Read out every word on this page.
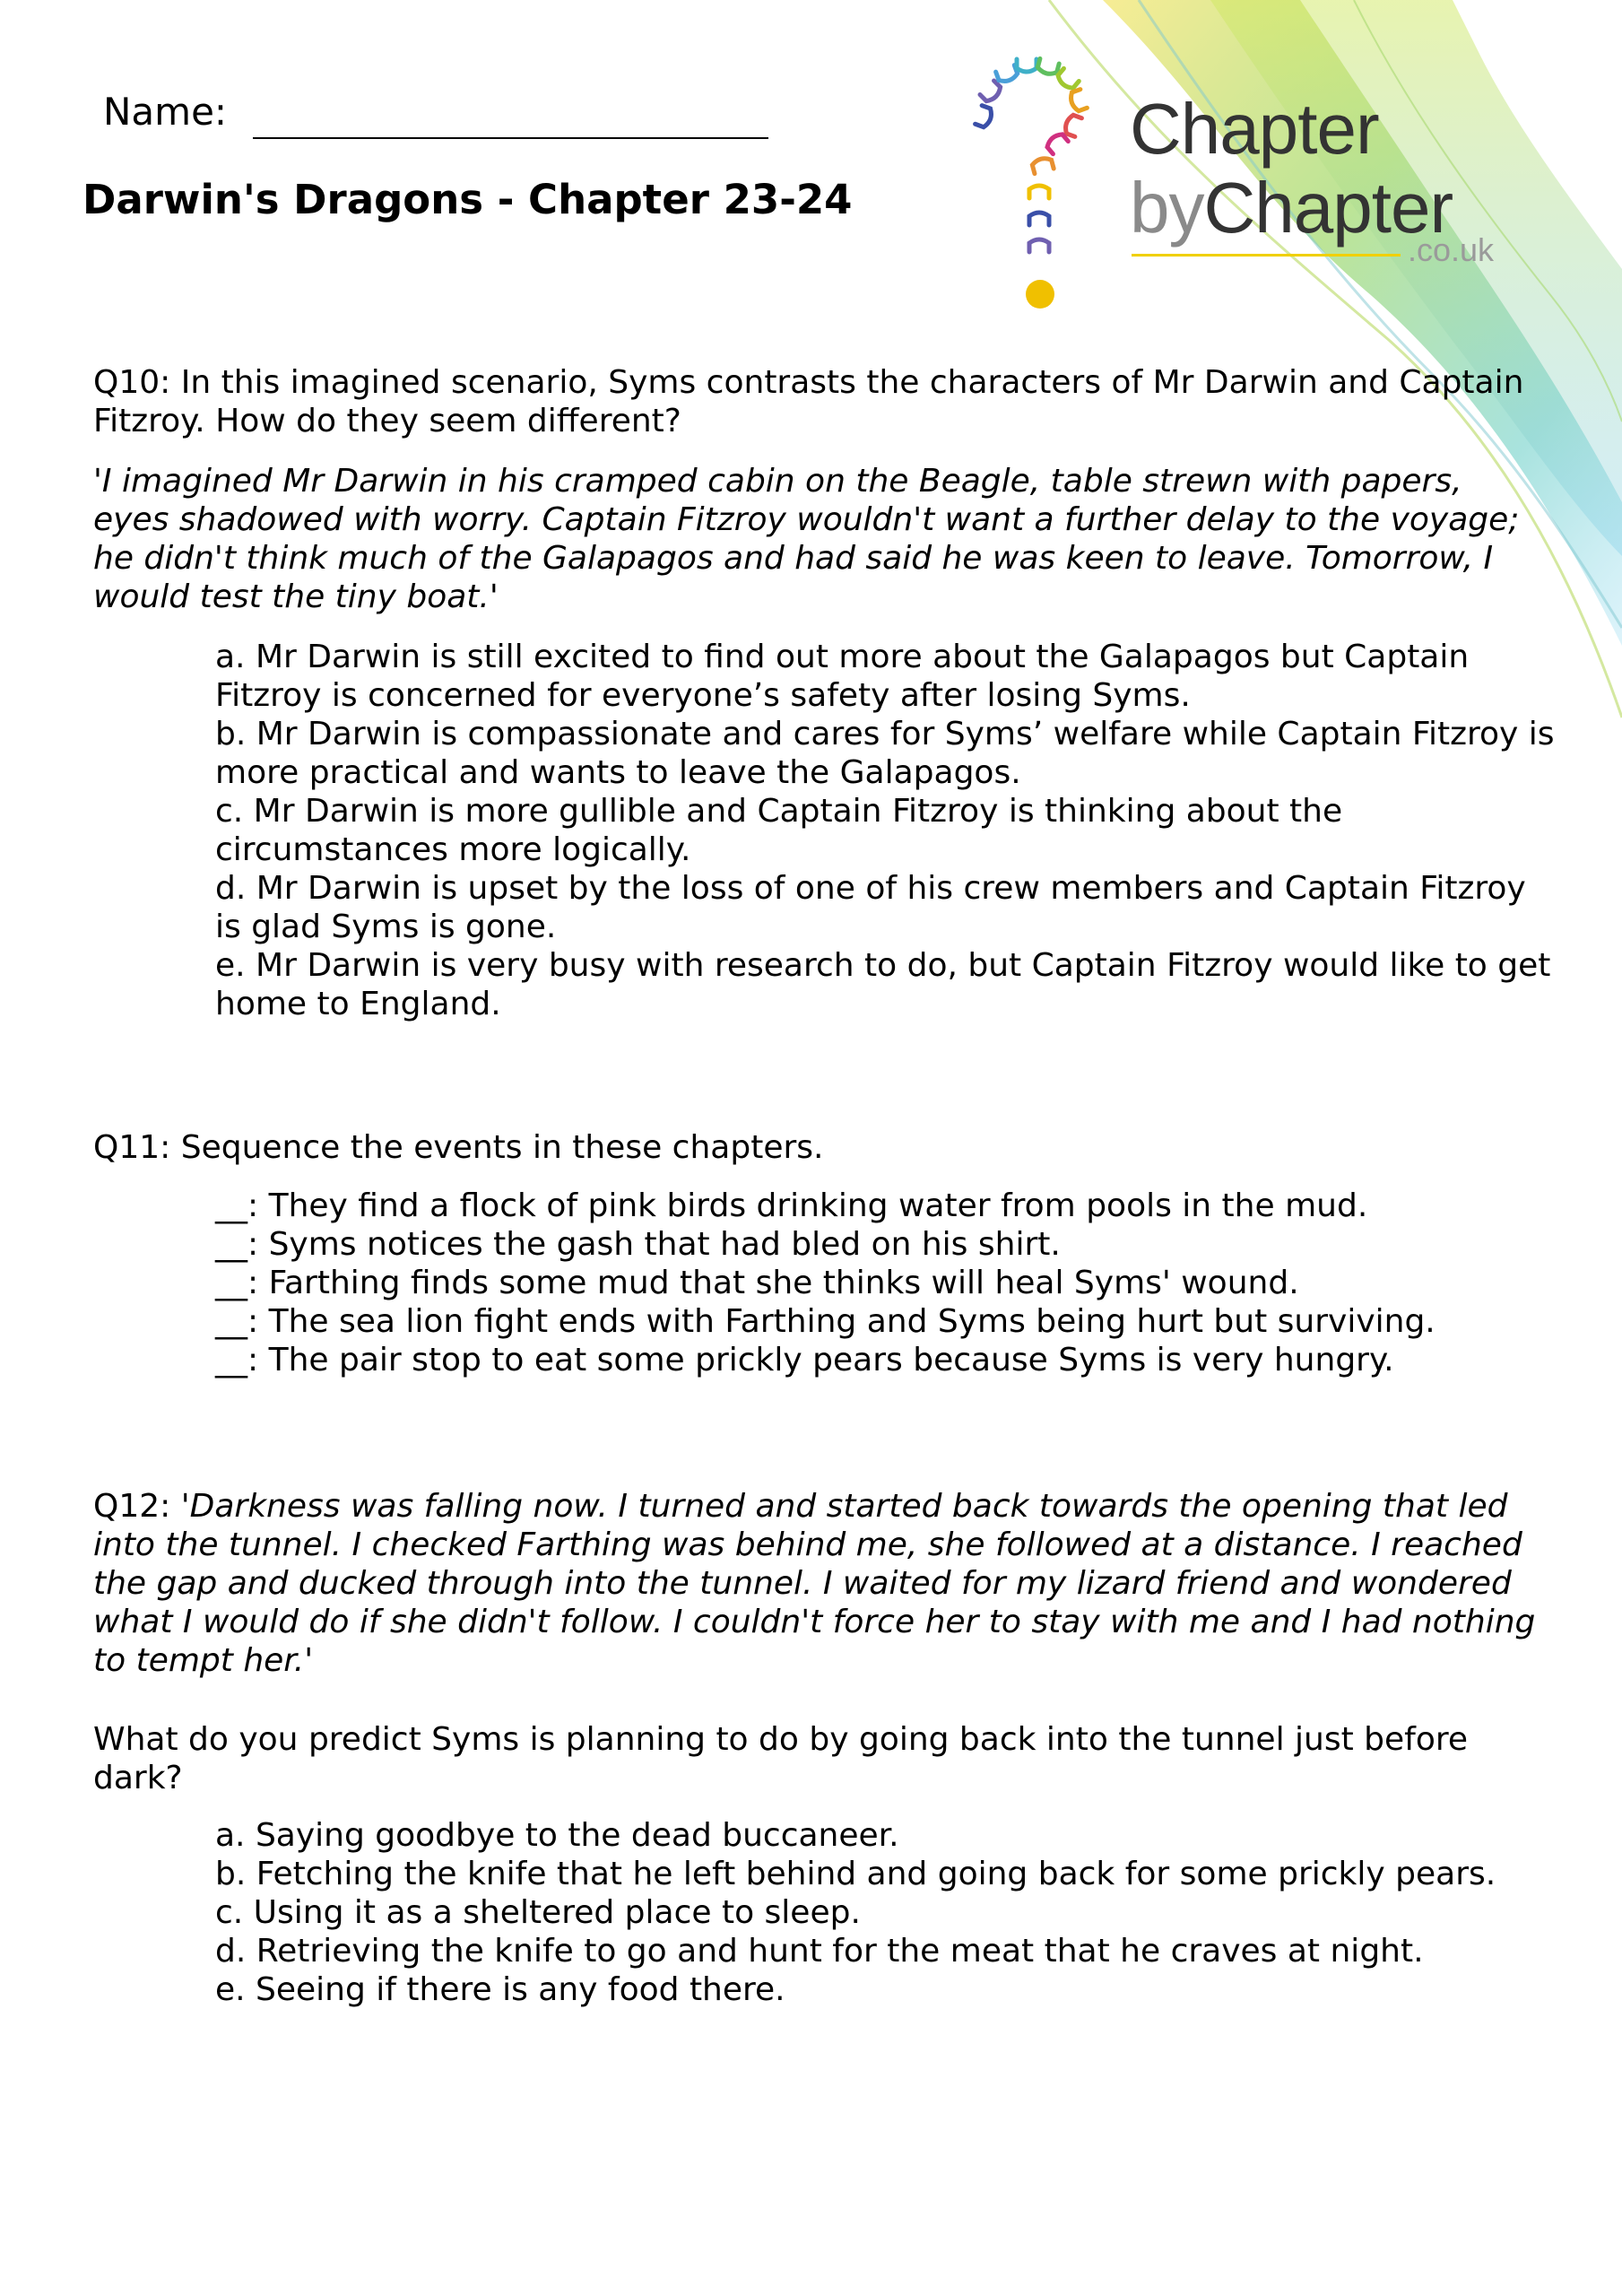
Name:
Darwin's Dragons - Chapter 23-24
Chapter
byChapter
.co.uk

Q10: In this imagined scenario, Syms contrasts the characters of Mr Darwin and Captain Fitzroy. How do they seem different?

'I imagined Mr Darwin in his cramped cabin on the Beagle, table strewn with papers, eyes shadowed with worry. Captain Fitzroy wouldn't want a further delay to the voyage; he didn't think much of the Galapagos and had said he was keen to leave. Tomorrow, I would test the tiny boat.'

a. Mr Darwin is still excited to find out more about the Galapagos but Captain Fitzroy is concerned for everyone’s safety after losing Syms.
b. Mr Darwin is compassionate and cares for Syms’ welfare while Captain Fitzroy is more practical and wants to leave the Galapagos.
c. Mr Darwin is more gullible and Captain Fitzroy is thinking about the circumstances more logically.
d. Mr Darwin is upset by the loss of one of his crew members and Captain Fitzroy is glad Syms is gone.
e. Mr Darwin is very busy with research to do, but Captain Fitzroy would like to get home to England.

Q11: Sequence the events in these chapters.

__: They find a flock of pink birds drinking water from pools in the mud.
__: Syms notices the gash that had bled on his shirt.
__: Farthing finds some mud that she thinks will heal Syms' wound.
__: The sea lion fight ends with Farthing and Syms being hurt but surviving.
__: The pair stop to eat some prickly pears because Syms is very hungry.

Q12: 'Darkness was falling now. I turned and started back towards the opening that led into the tunnel. I checked Farthing was behind me, she followed at a distance. I reached the gap and ducked through into the tunnel. I waited for my lizard friend and wondered what I would do if she didn't follow. I couldn't force her to stay with me and I had nothing to tempt her.'

What do you predict Syms is planning to do by going back into the tunnel just before dark?

a. Saying goodbye to the dead buccaneer.
b. Fetching the knife that he left behind and going back for some prickly pears.
c. Using it as a sheltered place to sleep.
d. Retrieving the knife to go and hunt for the meat that he craves at night.
e. Seeing if there is any food there.
